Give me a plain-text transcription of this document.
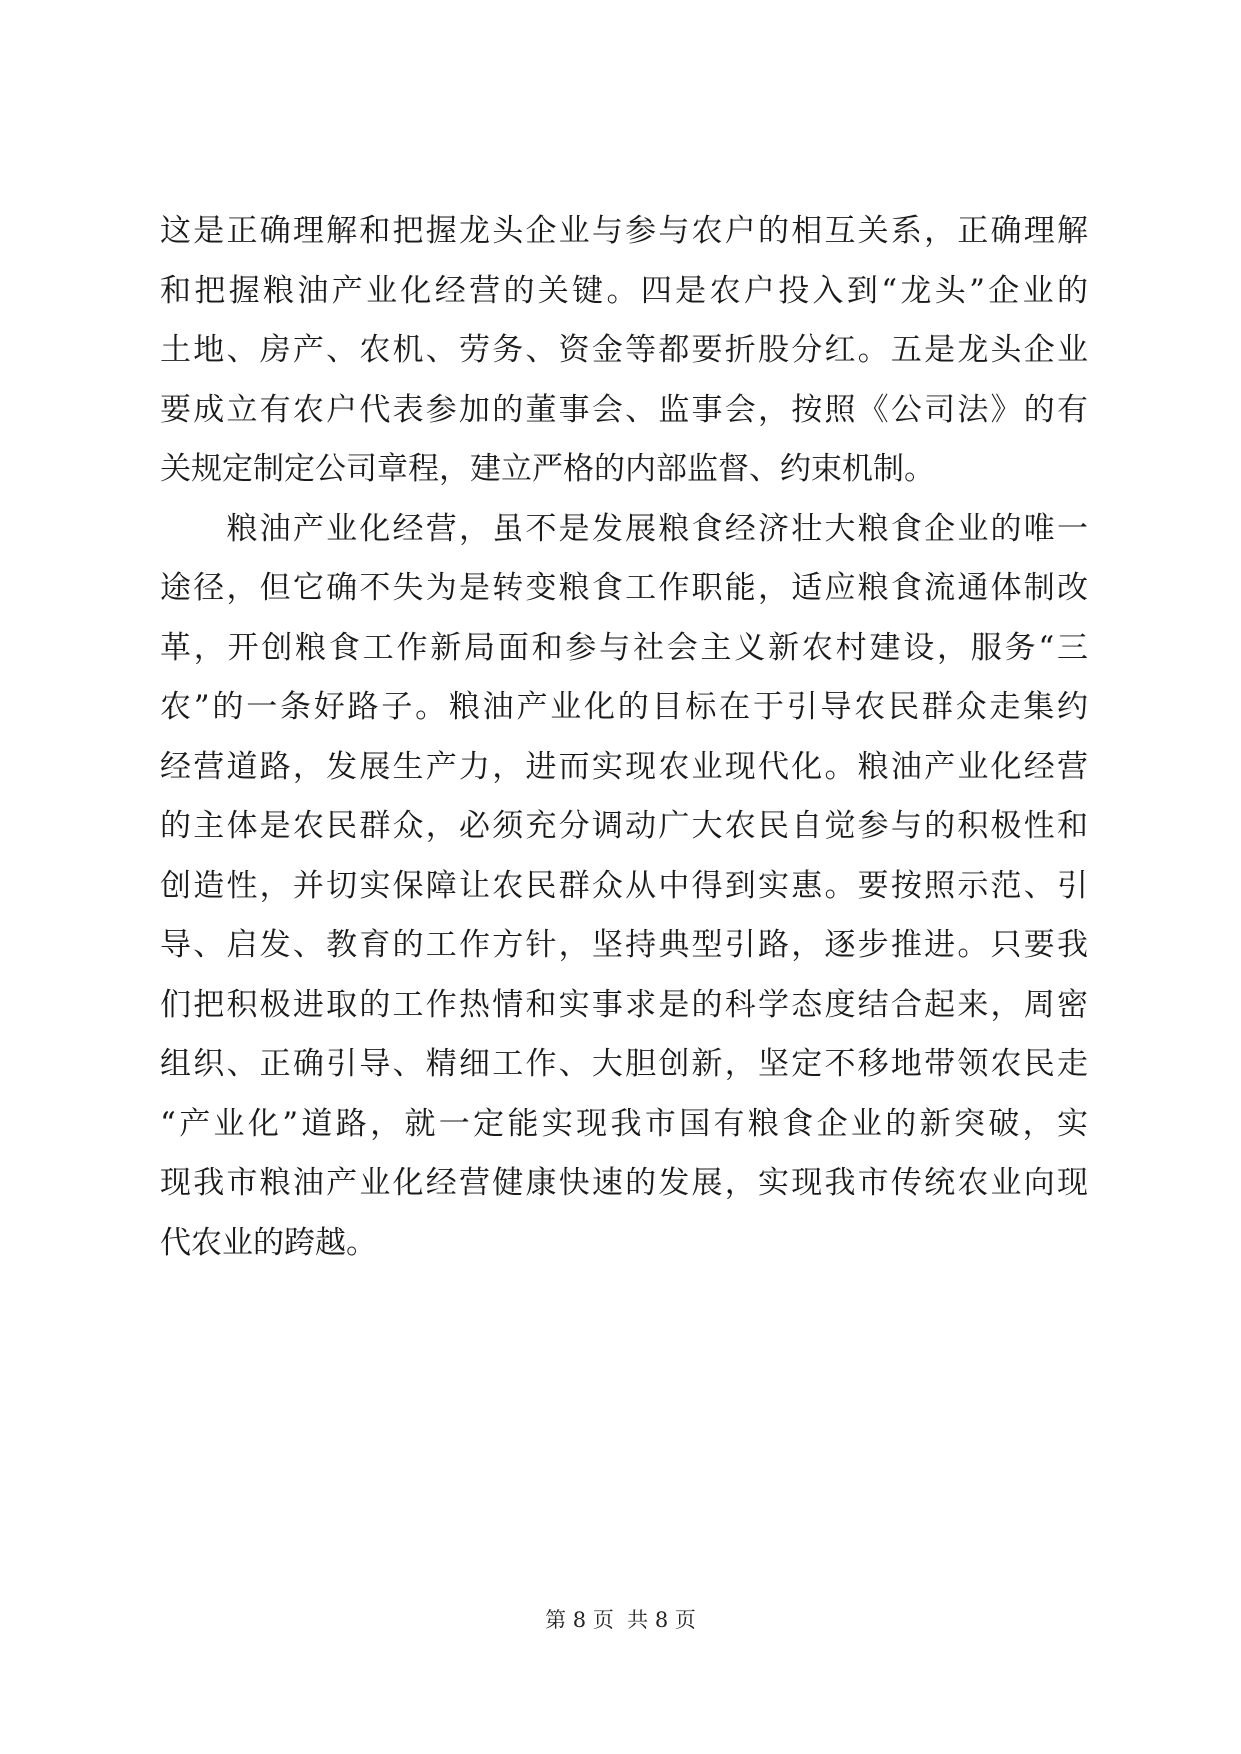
这是正确理解和把握龙头企业与参与农户的相互关系，正确理解
和把握粮油产业化经营的关键。四是农户投入到“龙头”企业的
土地、房产、农机、劳务、资金等都要折股分红。五是龙头企业
要成立有农户代表参加的董事会、监事会，按照《公司法》的有
关规定制定公司章程，建立严格的内部监督、约束机制。
　　粮油产业化经营，虽不是发展粮食经济壮大粮食企业的唯一
途径，但它确不失为是转变粮食工作职能，适应粮食流通体制改
革，开创粮食工作新局面和参与社会主义新农村建设，服务“三
农”的一条好路子。粮油产业化的目标在于引导农民群众走集约
经营道路，发展生产力，进而实现农业现代化。粮油产业化经营
的主体是农民群众，必须充分调动广大农民自觉参与的积极性和
创造性，并切实保障让农民群众从中得到实惠。要按照示范、引
导、启发、教育的工作方针，坚持典型引路，逐步推进。只要我
们把积极进取的工作热情和实事求是的科学态度结合起来，周密
组织、正确引导、精细工作、大胆创新，坚定不移地带领农民走
“产业化”道路，就一定能实现我市国有粮食企业的新突破，实
现我市粮油产业化经营健康快速的发展，实现我市传统农业向现
代农业的跨越。
第 8 页  共 8 页
